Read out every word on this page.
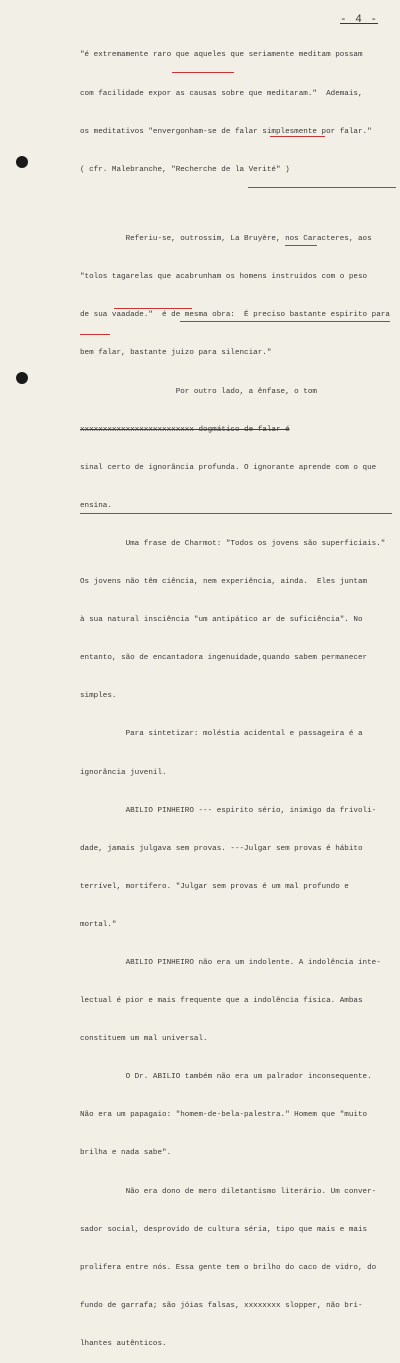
- 4 -

"é extremamente raro que aqueles que seriamente meditam possam

com facilidade expor as causas sobre que meditaram."  Ademais,

os meditativos "envergonham-se de falar simplesmente por falar."

( cfr. Malebranche, "Recherche de la Verité" )

Referiu-se, outrossim, La Bruyère, nos Caracteres, aos

"tolos tagarelas que acabrunham os homens instruidos com o peso

de sua vaadade."  é de mesma obra:  É preciso bastante espirito para

bem falar, bastante juizo para silenciar."

Por outro lado, a ênfase, o tom

xxxxxxxxxxxxxxxxxxxxxxxxx dogmático de falar é

sinal certo de ignorância profunda. O ignorante aprende com o que

ensina.

Uma frase de Charmot: "Todos os jovens são superficiais."

Os jovens não têm ciência, nem experiência, ainda.  Eles juntam

à sua natural insciência "um antipático ar de suficiência". No

entanto, são de encantadora ingenuidade,quando sabem permanecer

simples.

Para sintetizar: moléstia acidental e passageira é a

ignorância juvenil.

ABILIO PINHEIRO --- espirito sério, inimigo da frivoli-

dade, jamais julgava sem provas. ---Julgar sem provas é hábito

terrível, mortífero. "Julgar sem provas é um mal profundo e

mortal."

ABILIO PINHEIRO não era um indolente. A indolência inte-

lectual é pior e mais frequente que a indolência física. Ambas

constituem um mal universal.

O Dr. ABILIO também não era um palrador inconsequente.

Não era um papagaio: "homem-de-bela-palestra." Homem que "muito

brilha e nada sabe".

Não era dono de mero diletantismo literário. Um conver-

sador social, desprovido de cultura séria, tipo que mais e mais

prolifera entre nós. Essa gente tem o brilho do caco de vidro, do

fundo de garrafa; são jóias falsas, xxxxxxxx slopper, não bri-

lhantes autênticos.
